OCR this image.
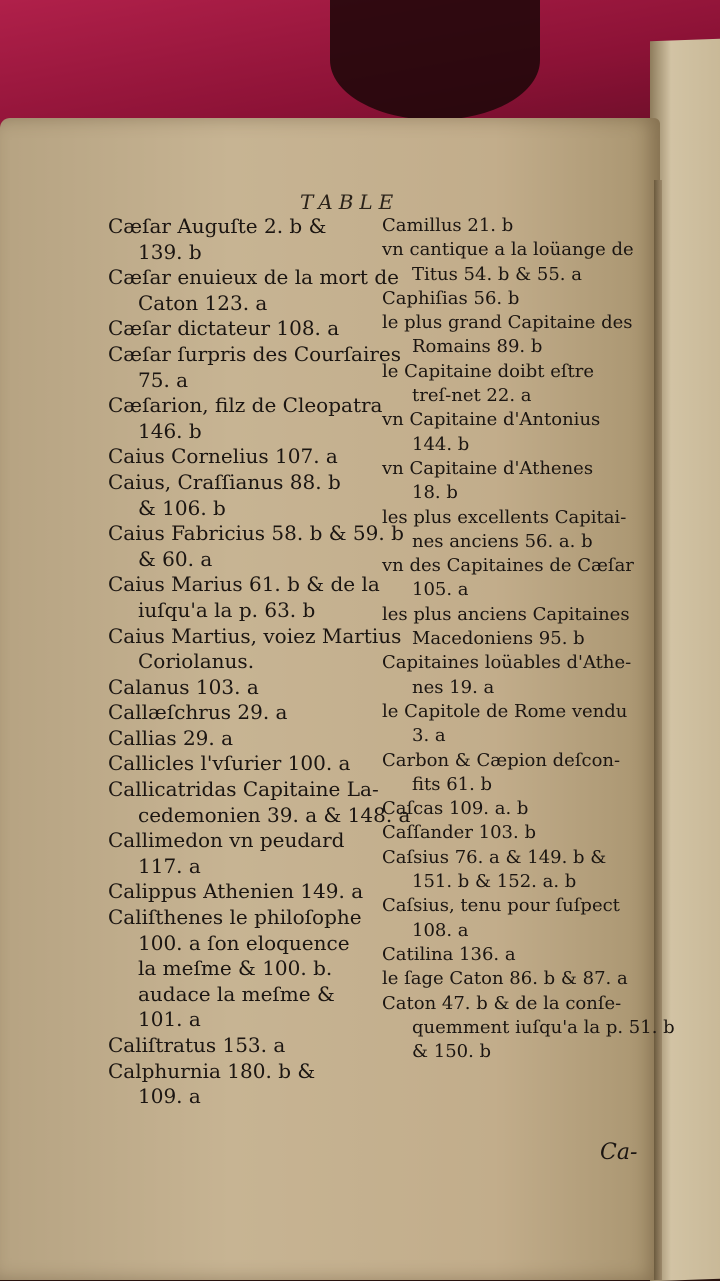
TABLE
Cæſar Auguſte 2. b &
139. b
Cæſar enuieux de la mort de
Caton 123. a
Cæſar dictateur 108. a
Cæſar ſurpris des Courſaires
75. a
Cæſarion, filz de Cleopatra
146. b
Caius Cornelius 107. a
Caius, Craſſianus 88. b
& 106. b
Caius Fabricius 58. b & 59. b
& 60. a
Caius Marius 61. b & de la
iuſqu'a la p. 63. b
Caius Martius, voiez Martius
Coriolanus.
Calanus 103. a
Callæſchrus 29. a
Callias 29. a
Callicles l'vſurier 100. a
Callicatridas Capitaine La-
cedemonien 39. a & 148. a
Callimedon vn peudard
117. a
Calippus Athenien 149. a
Caliſthenes le philoſophe
100. a ſon eloquence
la meſme & 100. b.
audace la meſme &
101. a
Caliſtratus 153. a
Calphurnia 180. b &
109. a
Camillus 21. b
vn cantique a la loüange de
Titus 54. b & 55. a
Caphiſias 56. b
le plus grand Capitaine des
Romains 89. b
le Capitaine doibt eſtre
treſ-net 22. a
vn Capitaine d'Antonius
144. b
vn Capitaine d'Athenes
18. b
les plus excellents Capitai-
nes anciens 56. a. b
vn des Capitaines de Cæſar
105. a
les plus anciens Capitaines
Macedoniens 95. b
Capitaines loüables d'Athe-
nes 19. a
le Capitole de Rome vendu
3. a
Carbon & Cæpion deſcon-
fits 61. b
Caſcas 109. a. b
Caſſander 103. b
Caſsius 76. a & 149. b &
151. b & 152. a. b
Caſsius, tenu pour ſuſpect
108. a
Catilina 136. a
le ſage Caton 86. b & 87. a
Caton 47. b & de la conſe-
quemment iuſqu'a la p. 51. b
& 150. b
Ca-
